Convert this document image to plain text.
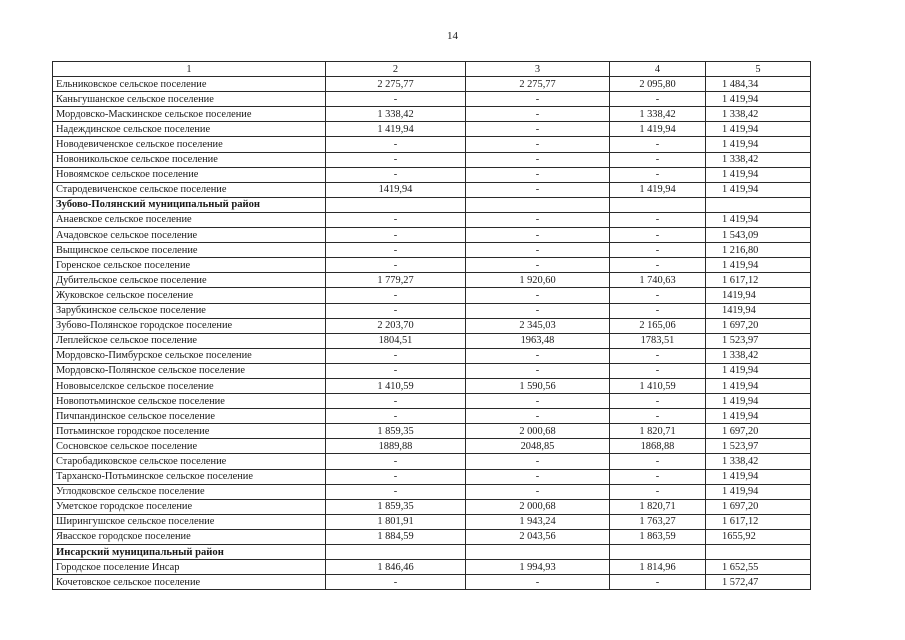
14
1	2	3	4	5
Ельниковское сельское поселение	2 275,77	2 275,77	2 095,80	1 484,34
Каньгушанское сельское поселение	-	-	-	1 419,94
Мордовско-Маскинское сельское поселение	1 338,42	-	1 338,42	1 338,42
Надеждинское сельское поселение	1 419,94	-	1 419,94	1 419,94
Новодевиченское сельское поселение	-	-	-	1 419,94
Новоникольское сельское поселение	-	-	-	1 338,42
Новоямское сельское поселение	-	-	-	1 419,94
Стародевиченское сельское поселение	1419,94	-	1 419,94	1 419,94
Зубово-Полянский муниципальный район				
Анаевское сельское поселение	-	-	-	1 419,94
Ачадовское сельское поселение	-	-	-	1 543,09
Выщинское сельское поселение	-	-	-	1 216,80
Горенское сельское поселение	-	-	-	1 419,94
Дубительское сельское поселение	1 779,27	1 920,60	1 740,63	1 617,12
Жуковское сельское поселение	-	-	-	1419,94
Зарубкинское сельское поселение	-	-	-	1419,94
Зубово-Полянское городское поселение	2 203,70	2 345,03	2 165,06	1 697,20
Леплейское сельское поселение	1804,51	1963,48	1783,51	1 523,97
Мордовско-Пимбурское сельское поселение	-	-	-	1 338,42
Мордовско-Полянское сельское поселение	-	-	-	1 419,94
Нововыселское сельское поселение	1 410,59	1 590,56	1 410,59	1 419,94
Новопотьминское сельское поселение	-	-	-	1 419,94
Пичпандинское сельское поселение	-	-	-	1 419,94
Потьминское городское поселение	1 859,35	2 000,68	1 820,71	1 697,20
Сосновское сельское поселение	1889,88	2048,85	1868,88	1 523,97
Старобадиковское сельское поселение	-	-	-	1 338,42
Тарханско-Потьминское сельское поселение	-	-	-	1 419,94
Углодковское сельское поселение	-	-	-	1 419,94
Уметское городское поселение	1 859,35	2 000,68	1 820,71	1 697,20
Ширингушское сельское поселение	1 801,91	1 943,24	1 763,27	1 617,12
Явасское городское поселение	1 884,59	2 043,56	1 863,59	1655,92
Инсарский муниципальный район				
Городское поселение Инсар	1 846,46	1 994,93	1 814,96	1 652,55
Кочетовское сельское поселение	-	-	-	1 572,47
